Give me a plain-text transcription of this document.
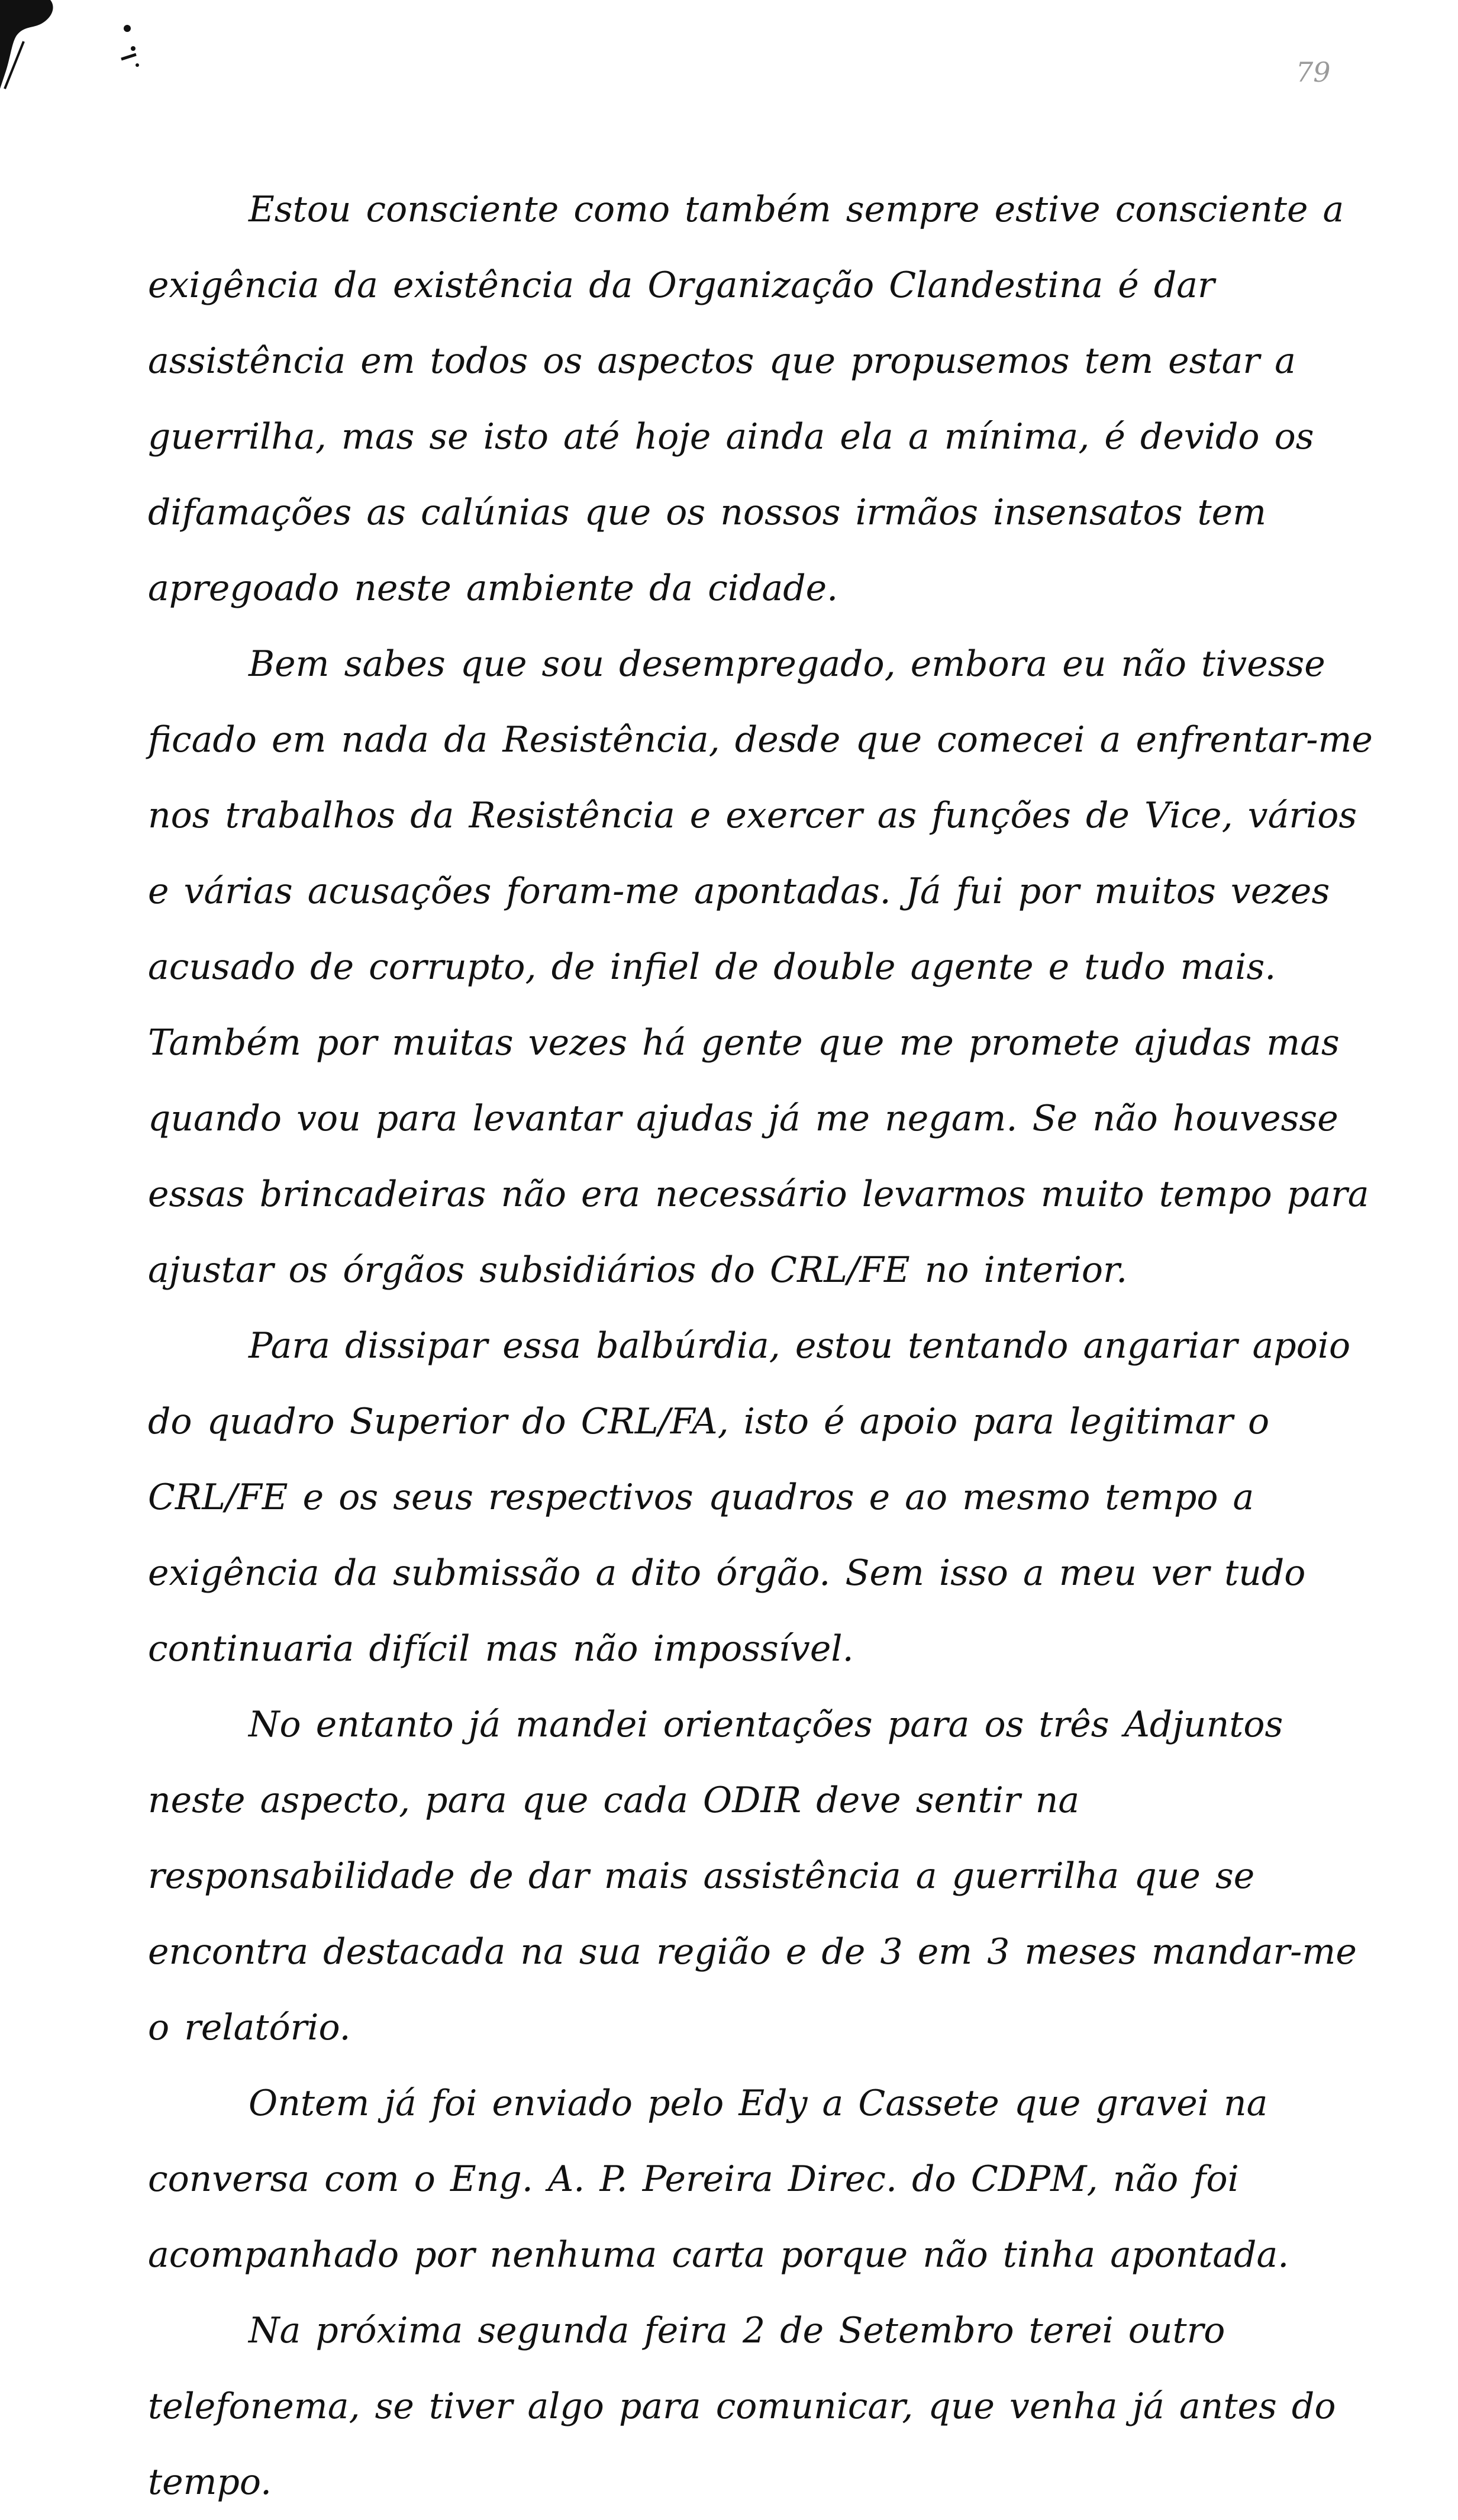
79

Estou consciente como também sempre estive consciente a exigência da existência da Organização Clandestina é dar assistência em todos os aspectos que propusemos tem estar a guerrilha, mas se isto até hoje ainda ela a mínima, é devido os difamações as calúnias que os nossos irmãos insensatos tem apregoado neste ambiente da cidade.

Bem sabes que sou desempregado, embora eu não tivesse ficado em nada da Resistência, desde que comecei a enfrentar-me nos trabalhos da Resistência e exercer as funções de Vice, vários e várias acusações foram-me apontadas. Já fui por muitos vezes acusado de corrupto, de infiel de double agente e tudo mais. Também por muitas vezes há gente que me promete ajudas mas quando vou para levantar ajudas já me negam. Se não houvesse essas brincadeiras não era necessário levarmos muito tempo para ajustar os órgãos subsidiários do CRL/FE no interior.

Para dissipar essa balbúrdia, estou tentando angariar apoio do quadro Superior do CRL/FA, isto é apoio para legitimar o CRL/FE e os seus respectivos quadros e ao mesmo tempo a exigência da submissão a dito órgão. Sem isso a meu ver tudo continuaria difícil mas não impossível.

No entanto já mandei orientações para os três Adjuntos neste aspecto, para que cada ODIR deve sentir na responsabilidade de dar mais assistência a guerrilha que se encontra destacada na sua região e de 3 em 3 meses mandar-me o relatório.

Ontem já foi enviado pelo Edy a Cassete que gravei na conversa com o Eng. A. P. Pereira Direc. do CDPM, não foi acompanhado por nenhuma carta porque não tinha apontada.

Na próxima segunda feira 2 de Setembro terei outro telefonema, se tiver algo para comunicar, que venha já antes do tempo.
